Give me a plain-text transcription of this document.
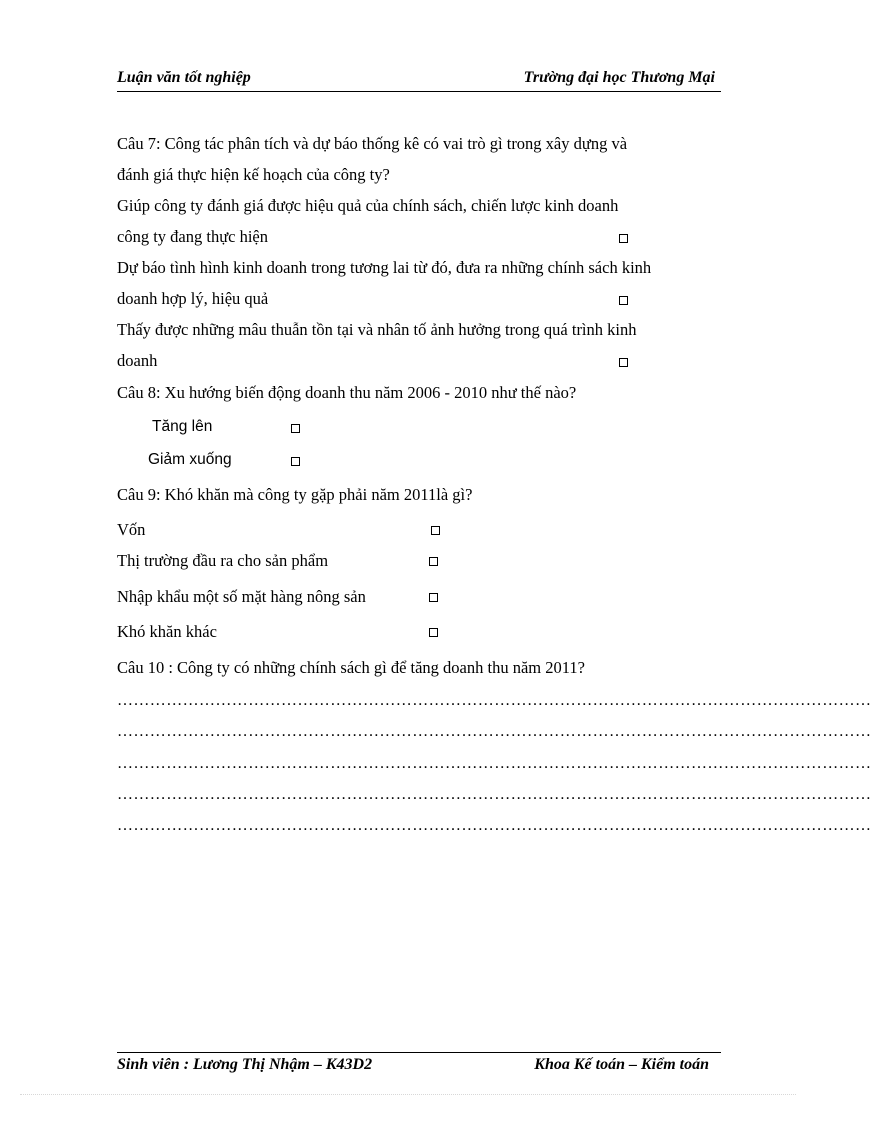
Luận văn tốt nghiệp	Trường đại học Thương Mại
Câu 7: Công tác phân tích và dự báo thống kê có vai trò gì trong xây dựng và
đánh giá thực hiện kế hoạch của công ty?
Giúp công ty đánh giá được hiệu quả của chính sách, chiến lược kinh doanh
công ty đang thực hiện
Dự báo tình hình kinh doanh trong tương lai từ đó, đưa ra những chính sách kinh
doanh hợp lý, hiệu quả
Thấy được những mâu thuẫn tồn tại và nhân tố ảnh hưởng trong quá trình kinh
doanh
Câu 8: Xu hướng biến động doanh thu năm 2006 - 2010 như thế nào?
Tăng lên
Giảm xuống
Câu 9: Khó khăn mà công ty gặp phải năm 2011là gì?
Vốn
Thị trường đầu ra cho sản phẩm
Nhập khẩu một số mặt hàng nông sản
Khó khăn khác
Câu 10 : Công ty có những chính sách gì để tăng doanh thu năm 2011?
…………………………………………………………………………………………………………………………
…………………………………………………………………………………………………………………………
…………………………………………………………………………………………………………………………
…………………………………………………………………………………………………………………………
…………………………………………………………………………………………………………………………
Sinh viên : Lương Thị Nhậm – K43D2	Khoa Kế toán – Kiểm toán
